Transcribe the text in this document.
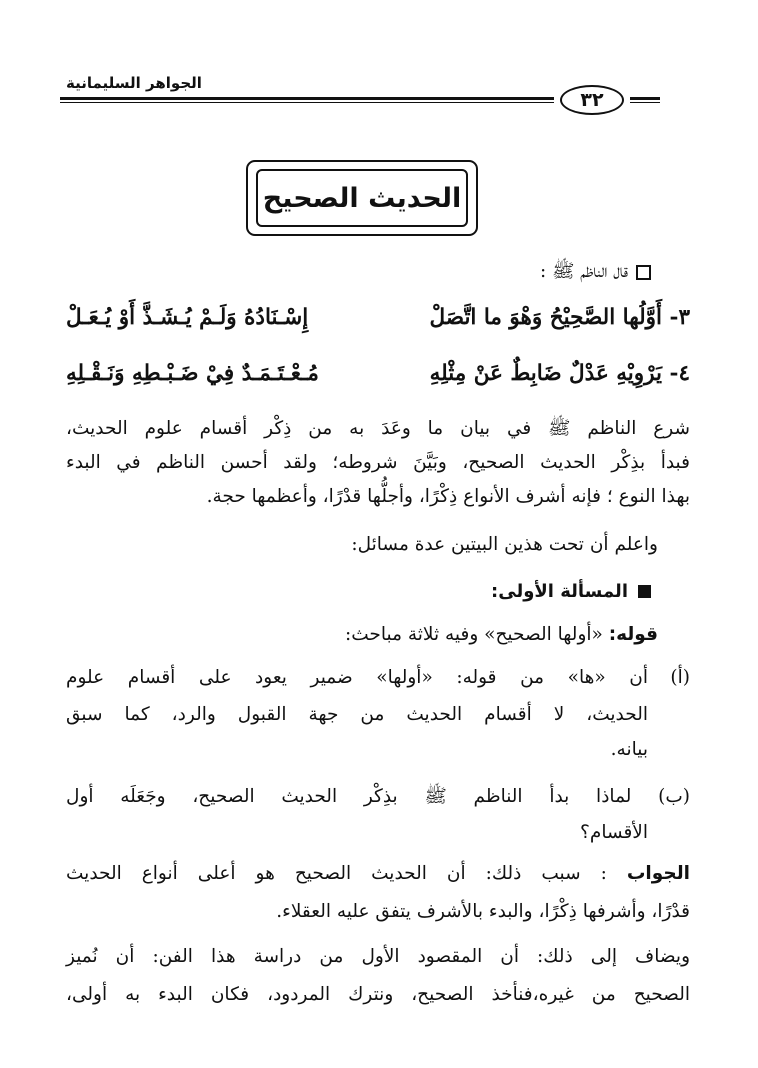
الجواهر السليمانية
٣٢
الحديث الصحيح
قال الناظم ﷺ :
٣- أَوَّلُها الصَّحِيْحُ وَهْوَ ما اتَّصَلْ
إِسْـنَادُهُ وَلَـمْ يُـشَـذَّ أَوْ يُـعَـلْ
٤- يَرْوِيْهِ عَدْلٌ ضَابِطٌ عَنْ مِثْلِهِ
مُـعْـتَـمَـدٌ فِيْ ضَـبْـطِهِ وَنَـقْـلِهِ
شرع الناظم ﷺ في بيان ما وعَدَ به من ذِكْر أقسام علوم الحديث،
فبدأ بذِكْر الحديث الصحيح، وبَيَّنَ شروطه؛ ولقد أحسن الناظم في البدء
بهذا النوع ؛ فإنه أشرف الأنواع ذِكْرًا، وأجلُّها قدْرًا، وأعظمها حجة.
واعلم أن تحت هذين البيتين عدة مسائل:
المسألة الأولى:
قوله: «أولها الصحيح» وفيه ثلاثة مباحث:
(أ)
أن «ها» من قوله: «أولها» ضمير يعود على أقسام علوم
الحديث، لا أقسام الحديث من جهة القبول والرد، كما سبق
بيانه.
(ب) لماذا بدأ الناظم ﷺ بذِكْر الحديث الصحيح، وجَعَلَه أول
الأقسام؟
الجواب : سبب ذلك: أن الحديث الصحيح هو أعلى أنواع الحديث
قدْرًا، وأشرفها ذِكْرًا، والبدء بالأشرف يتفق عليه العقلاء.
ويضاف إلى ذلك: أن المقصود الأول من دراسة هذا الفن: أن نُميز
الصحيح من غيره،فنأخذ الصحيح، ونترك المردود، فكان البدء به أولى،
